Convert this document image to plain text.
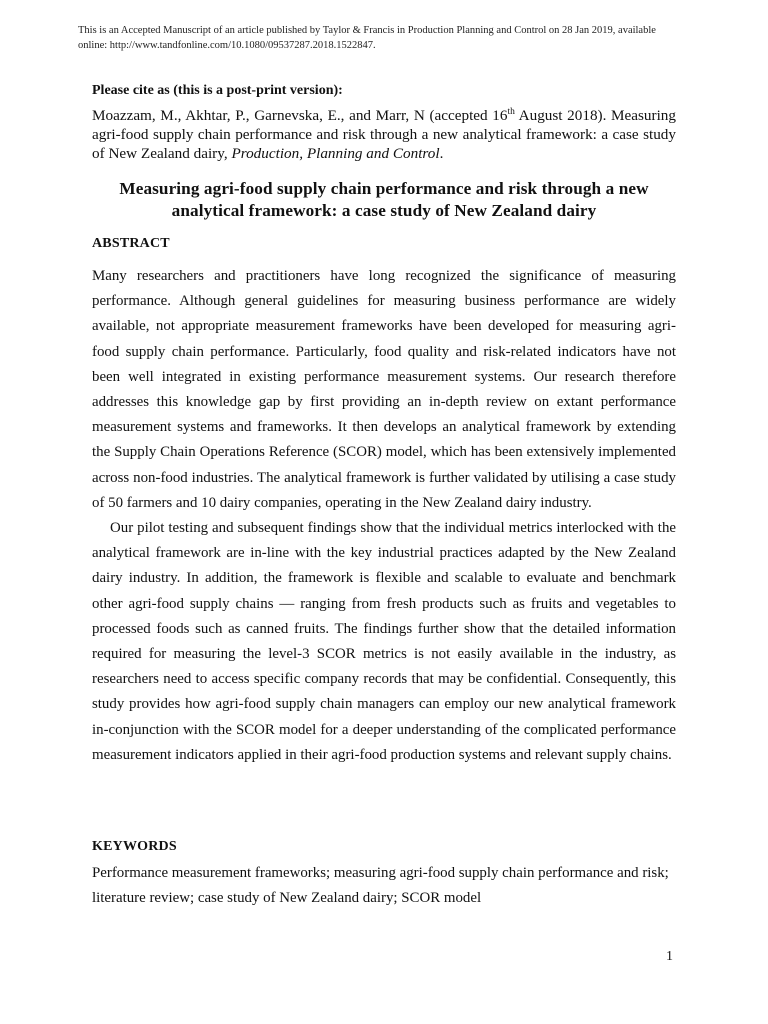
This is an Accepted Manuscript of an article published by Taylor & Francis in Production Planning and Control on 28 Jan 2019, available online: http://www.tandfonline.com/10.1080/09537287.2018.1522847.
Please cite as (this is a post-print version):
Moazzam, M., Akhtar, P., Garnevska, E., and Marr, N (accepted 16th August 2018). Measuring agri-food supply chain performance and risk through a new analytical framework: a case study of New Zealand dairy, Production, Planning and Control.
Measuring agri-food supply chain performance and risk through a new analytical framework: a case study of New Zealand dairy
ABSTRACT

Many researchers and practitioners have long recognized the significance of measuring performance. Although general guidelines for measuring business performance are widely available, not appropriate measurement frameworks have been developed for measuring agri-food supply chain performance. Particularly, food quality and risk-related indicators have not been well integrated in existing performance measurement systems. Our research therefore addresses this knowledge gap by first providing an in-depth review on extant performance measurement systems and frameworks. It then develops an analytical framework by extending the Supply Chain Operations Reference (SCOR) model, which has been extensively implemented across non-food industries. The analytical framework is further validated by utilising a case study of 50 farmers and 10 dairy companies, operating in the New Zealand dairy industry.

Our pilot testing and subsequent findings show that the individual metrics interlocked with the analytical framework are in-line with the key industrial practices adapted by the New Zealand dairy industry. In addition, the framework is flexible and scalable to evaluate and benchmark other agri-food supply chains — ranging from fresh products such as fruits and vegetables to processed foods such as canned fruits. The findings further show that the detailed information required for measuring the level-3 SCOR metrics is not easily available in the industry, as researchers need to access specific company records that may be confidential. Consequently, this study provides how agri-food supply chain managers can employ our new analytical framework in-conjunction with the SCOR model for a deeper understanding of the complicated performance measurement indicators applied in their agri-food production systems and relevant supply chains.

KEYWORDS
Performance measurement frameworks; measuring agri-food supply chain performance and risk; literature review; case study of New Zealand dairy; SCOR model
1
